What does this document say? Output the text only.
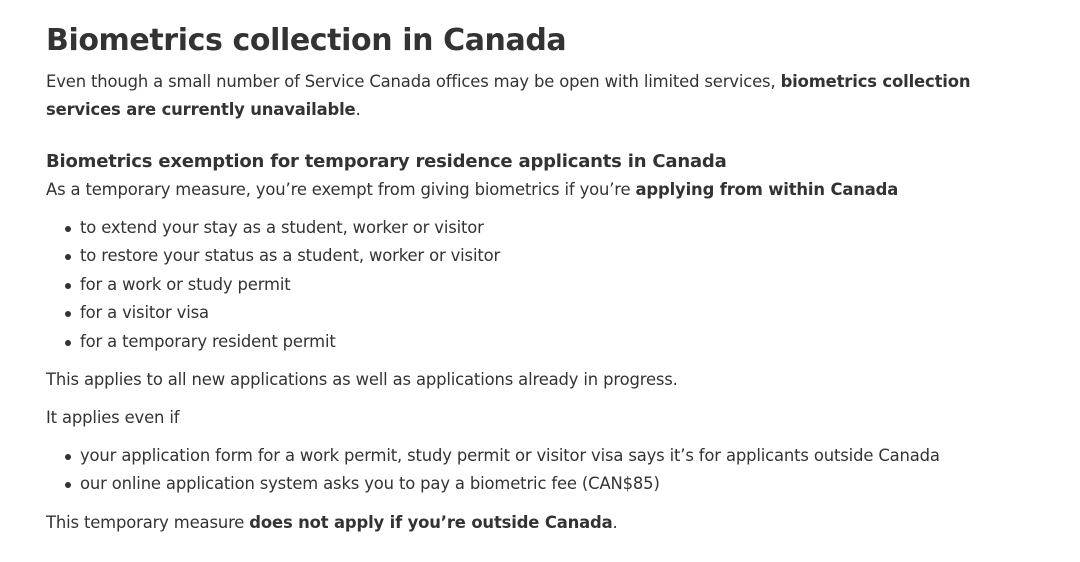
Biometrics collection in Canada

Even though a small number of Service Canada offices may be open with limited services, biometrics collection services are currently unavailable.

Biometrics exemption for temporary residence applicants in Canada

As a temporary measure, you’re exempt from giving biometrics if you’re applying from within Canada

to extend your stay as a student, worker or visitor
to restore your status as a student, worker or visitor
for a work or study permit
for a visitor visa
for a temporary resident permit

This applies to all new applications as well as applications already in progress.

It applies even if

your application form for a work permit, study permit or visitor visa says it’s for applicants outside Canada
our online application system asks you to pay a biometric fee (CAN$85)

This temporary measure does not apply if you’re outside Canada.
